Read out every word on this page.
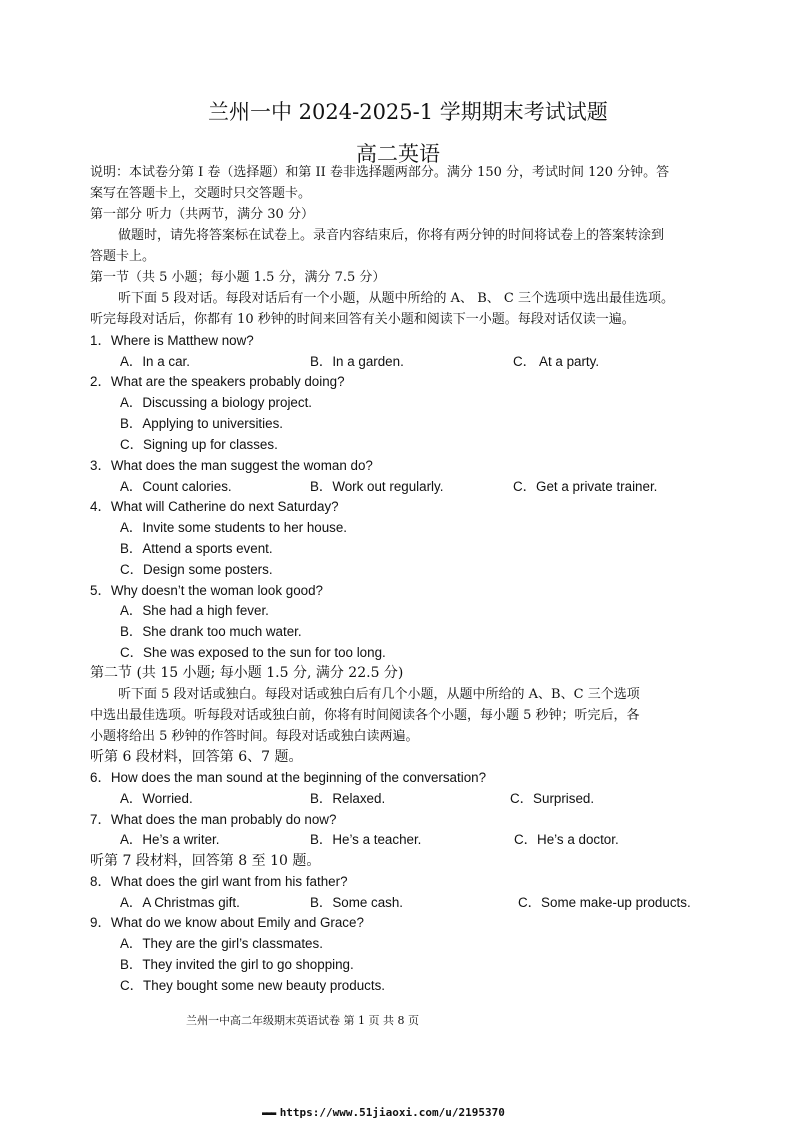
兰州一中 2024-2025-1 学期期末考试试题
高二英语
说明：本试卷分第 I 卷（选择题）和第 II 卷非选择题两部分。满分 150 分，考试时间 120 分钟。答
案写在答题卡上，交题时只交答题卡。
第一部分 听力（共两节，满分 30 分）
做题时，请先将答案标在试卷上。录音内容结束后，你将有两分钟的时间将试卷上的答案转涂到
答题卡上。
第一节（共 5 小题；每小题 1.5 分，满分 7.5 分）
听下面 5 段对话。每段对话后有一个小题，从题中所给的 A、 B、 C 三个选项中选出最佳选项。
听完每段对话后，你都有 10 秒钟的时间来回答有关小题和阅读下一小题。每段对话仅读一遍。
1．Where is Matthew now?
A．In a car.	B．In a garden.	C． At a party.
2．What are the speakers probably doing?
A．Discussing a biology project.
B．Applying to universities.
C．Signing up for classes.
3．What does the man suggest the woman do?
A．Count calories.	B．Work out regularly.	C．Get a private trainer.
4．What will Catherine do next Saturday?
A．Invite some students to her house.
B．Attend a sports event.
C．Design some posters.
5．Why doesn’t the woman look good?
A．She had a high fever.
B．She drank too much water.
C．She was exposed to the sun for too long.
第二节 (共 15 小题; 每小题 1.5 分, 满分 22.5 分)
听下面 5 段对话或独白。每段对话或独白后有几个小题，从题中所给的 A、B、C 三个选项
中选出最佳选项。听每段对话或独白前，你将有时间阅读各个小题，每小题 5 秒钟；听完后，各
小题将给出 5 秒钟的作答时间。每段对话或独白读两遍。
听第 6 段材料，回答第 6、7 题。
6．How does the man sound at the beginning of the conversation?
A．Worried.	B．Relaxed.	C．Surprised.
7．What does the man probably do now?
A．He’s a writer.	B．He’s a teacher.	C．He’s a doctor.
听第 7 段材料，回答第 8 至 10 题。
8．What does the girl want from his father?
A．A Christmas gift.	B．Some cash.	C．Some make-up products.
9．What do we know about Emily and Grace?
A．They are the girl’s classmates.
B．They invited the girl to go shopping.
C．They bought some new beauty products.
兰州一中高二年级期末英语试卷 第 1 页 共 8 页
▬▬▬ https://www.51jiaoxi.com/u/2195370
